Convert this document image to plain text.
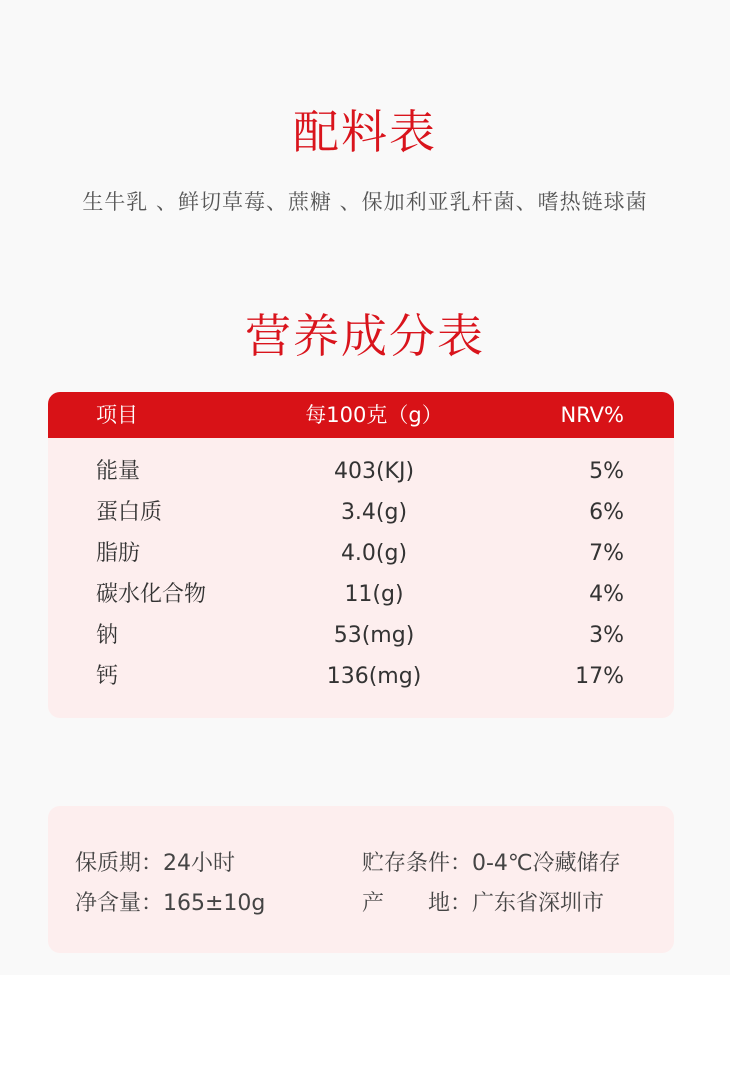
配料表
生牛乳 、鲜切草莓、蔗糖 、保加利亚乳杆菌、嗜热链球菌
营养成分表
项目	每100克（g）	NRV%
能量	403(KJ)	5%
蛋白质	3.4(g)	6%
脂肪	4.0(g)	7%
碳水化合物	11(g)	4%
钠	53(mg)	3%
钙	136(mg)	17%
保质期：24小时
净含量：165±10g
贮存条件：0-4℃冷藏储存
产　　地：广东省深圳市
